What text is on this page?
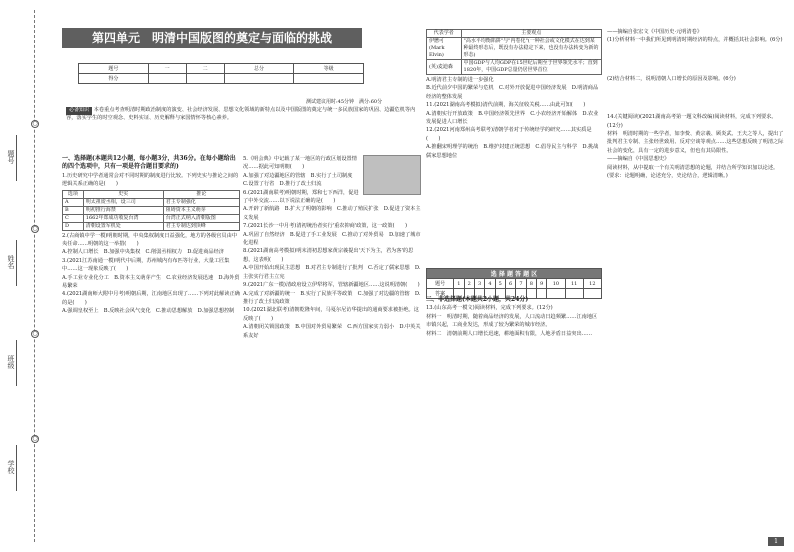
题号
姓名
班级
学校
○
○
○
○
第四单元　明清中国版图的奠定与面临的挑战
题号	一	二	总分	等级
得分				
测试建议用时:45分钟　满分:60分
必备知识 本卷重点考查明清时期政治制度的演变、社会经济发展、思想文化领域的新特点以及中国版图的奠定与统一多民族国家的巩固、边疆危机等内容，落实学生的时空观念、史料实证、历史解释与家国情怀等核心素养。

一、选择题(本题共12小题，每小题3分，共36分。在每小题给出的四个选项中，只有一项是符合题目要求的)

1.历史研究中学者通常会对不同时期的制度进行比较。下列史实与推论之间的逻辑关系正确的是(　　)

选项	史实	推论
A	明太祖废丞相，设三司	君主专制强化
B	明初推行海禁	阻碍资本主义萌芽
C	1662年郑成功收复台湾	台湾正式纳入清朝版图
D	清朝设置军机处	君主专制达到顶峰

2.(古商镇中学一模)明朝时期，中央集权制度日益强化，地方的各级官员由中央任命……明朝的这一举措(　　)

A.控制人口增长　B.加强中央集权　C.削弱丞相权力　D.促进商品经济

3.(2021江苏南通一模)明代中后期，苏州城内有布匹等行业，大量工匠集中……这一现象反映了(　　)

A.手工业专业化分工　B.资本主义萌芽产生　C.农业经济发展迅速　D.海外贸易繁荣

4.(2021湖南师大附中月考)明朝后期，江南地区出现了……下列对此解读正确的是(　　)

A.强调皇权至上　B.反映社会风气变化　C.推动思想解放　D.加强思想控制

5.《明会典》中记载了某一地区的行政区划设置情况……据此可知明朝(　　)

A.加强了对边疆地区的管辖　B.实行了土司制度　C.设置了行省　D.推行了改土归流

6.(2021湖南联考)明朝时期，郑和七下西洋，促进了中外交流……以下说法正确的是(　　)

A.开辟了新航路　B.扩大了明朝的影响　C.推动了殖民扩张　D.促进了资本主义发展

7.(2021长沙一中月考)清初统治者实行'重农抑商'政策，这一政策(　　)

A.巩固了自然经济　B.促进了手工业发展　C.推动了对外贸易　D.加速了城市化进程

8.(2021湖南高考模拟)明末清初思想家黄宗羲提出'天下为主，君为客'的思想，这表明(　　)

A.中国开始出现民主思想　B.对君主专制进行了批判　C.否定了儒家思想　D.主张实行君主立宪

9.(2021广东一模)清政府设立伊犁将军，管辖新疆地区……这说明清朝(　　)

A.完成了对新疆的统一　B.实行了民族平等政策　C.加强了对边疆的管辖　D.推行了改土归流政策

10.(2021湖北联考)清朝乾隆年间，马戛尔尼访华提出的通商要求被拒绝。这反映了(　　)

A.清朝闭关锁国政策　B.中国对外贸易繁荣　C.西方国家实力弱小　D.中英关系友好

代表学者	主要观点
伊懋可(Mark Elvin)	"高水平均衡陷阱"与"内卷化"(一种社会或文化模式在达到某种最终形态后，既没有办法稳定下来，也没有办法转变为新的形态)
(英)麦迪森	中国GDP与人均GDP在15世纪后期至于世界领先水平；直到1820年，中国GDP总量仍居世界首位

A.明清君主专制的进一步强化

B.近代前夕中国的繁荣与危机　C.对外开放促进中国经济发展　D.明清商品经济的整体发展

11.(2021湖南高考模拟)清代前期，海关征收关税……由此可知(　　)

A.清朝实行开放政策　B.中国经济领先世界　C.小农经济开始解体　D.农业发展促进人口增长

12.(2021河南郑州高考联考)清朝学者对于传统经学的研究……其实质是(　　)

A.推翻宋明理学的统治　B.维护封建正统思想　C.倡导民主与科学　D.挑战儒家思想地位

选 择 题 答 题 区												
题号	1	2	3	4	5	6	7	8	9	10	11	12
答案												

二、非选择题(本题共2小题，共24分)

13.(山东高考一模文)阅读材料，完成下列要求。(12分)

材料一　明清时期，随着商品经济的发展，人口流动日趋频繁……江南地区市镇兴起，工商业发达，形成了较为繁荣的城市经济。

材料二　清朝前期人口增长迅速，耕地面积有限，人地矛盾日益突出……

——摘编自张宏文《中国历史·元明清卷》

(1)分析材料一中我们所见到明清时期经济的特点，并概括其社会影响。(6分)

(2)结合材料二，说明清朝人口增长的原因及影响。(6分)

14.(关键阅读)(2021湖南高考第一题文科改编)阅读材料，完成下列要求。(12分)

材料　明清时期的一些学者，如李贽、黄宗羲、顾炎武、王夫之等人，提出了批判君主专制、主张经世致用、反对空谈等观点……这些思想反映了明清之际社会的变化，具有一定的进步意义，但也有其局限性。

——摘编自《中国思想史》

阅读材料，从中提取一个有关明清思想的论题，并结合所学知识加以论述。(要求：论题明确，论述充分，史论结合，逻辑清晰。)

1
